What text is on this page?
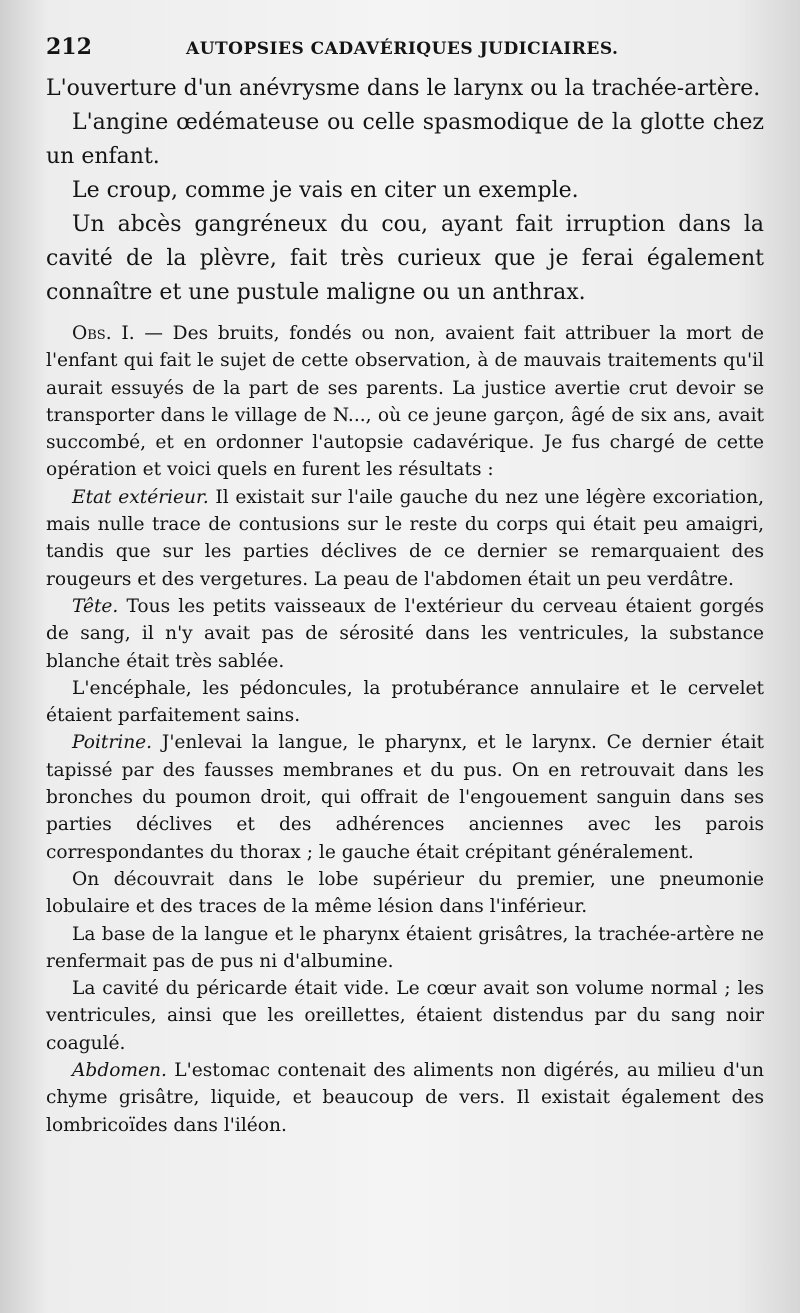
212	AUTOPSIES CADAVÉRIQUES JUDICIAIRES.

L'ouverture d'un anévrysme dans le larynx ou la trachée-artère.

L'angine œdémateuse ou celle spasmodique de la glotte chez un enfant.

Le croup, comme je vais en citer un exemple.

Un abcès gangréneux du cou, ayant fait irruption dans la cavité de la plèvre, fait très curieux que je ferai également connaître et une pustule maligne ou un anthrax.

Obs. I. — Des bruits, fondés ou non, avaient fait attribuer la mort de l'enfant qui fait le sujet de cette observation, à de mauvais traitements qu'il aurait essuyés de la part de ses parents. La justice avertie crut devoir se transporter dans le village de N..., où ce jeune garçon, âgé de six ans, avait succombé, et en ordonner l'autopsie cadavérique. Je fus chargé de cette opération et voici quels en furent les résultats :

Etat extérieur. Il existait sur l'aile gauche du nez une légère excoriation, mais nulle trace de contusions sur le reste du corps qui était peu amaigri, tandis que sur les parties déclives de ce dernier se remarquaient des rougeurs et des vergetures. La peau de l'abdomen était un peu verdâtre.

Tête. Tous les petits vaisseaux de l'extérieur du cerveau étaient gorgés de sang, il n'y avait pas de sérosité dans les ventricules, la substance blanche était très sablée.

L'encéphale, les pédoncules, la protubérance annulaire et le cervelet étaient parfaitement sains.

Poitrine. J'enlevai la langue, le pharynx, et le larynx. Ce dernier était tapissé par des fausses membranes et du pus. On en retrouvait dans les bronches du poumon droit, qui offrait de l'engouement sanguin dans ses parties déclives et des adhérences anciennes avec les parois correspondantes du thorax ; le gauche était crépitant généralement.

On découvrait dans le lobe supérieur du premier, une pneumonie lobulaire et des traces de la même lésion dans l'inférieur.

La base de la langue et le pharynx étaient grisâtres, la trachée-artère ne renfermait pas de pus ni d'albumine.

La cavité du péricarde était vide. Le cœur avait son volume normal ; les ventricules, ainsi que les oreillettes, étaient distendus par du sang noir coagulé.

Abdomen. L'estomac contenait des aliments non digérés, au milieu d'un chyme grisâtre, liquide, et beaucoup de vers. Il existait également des lombricoïdes dans l'iléon.
